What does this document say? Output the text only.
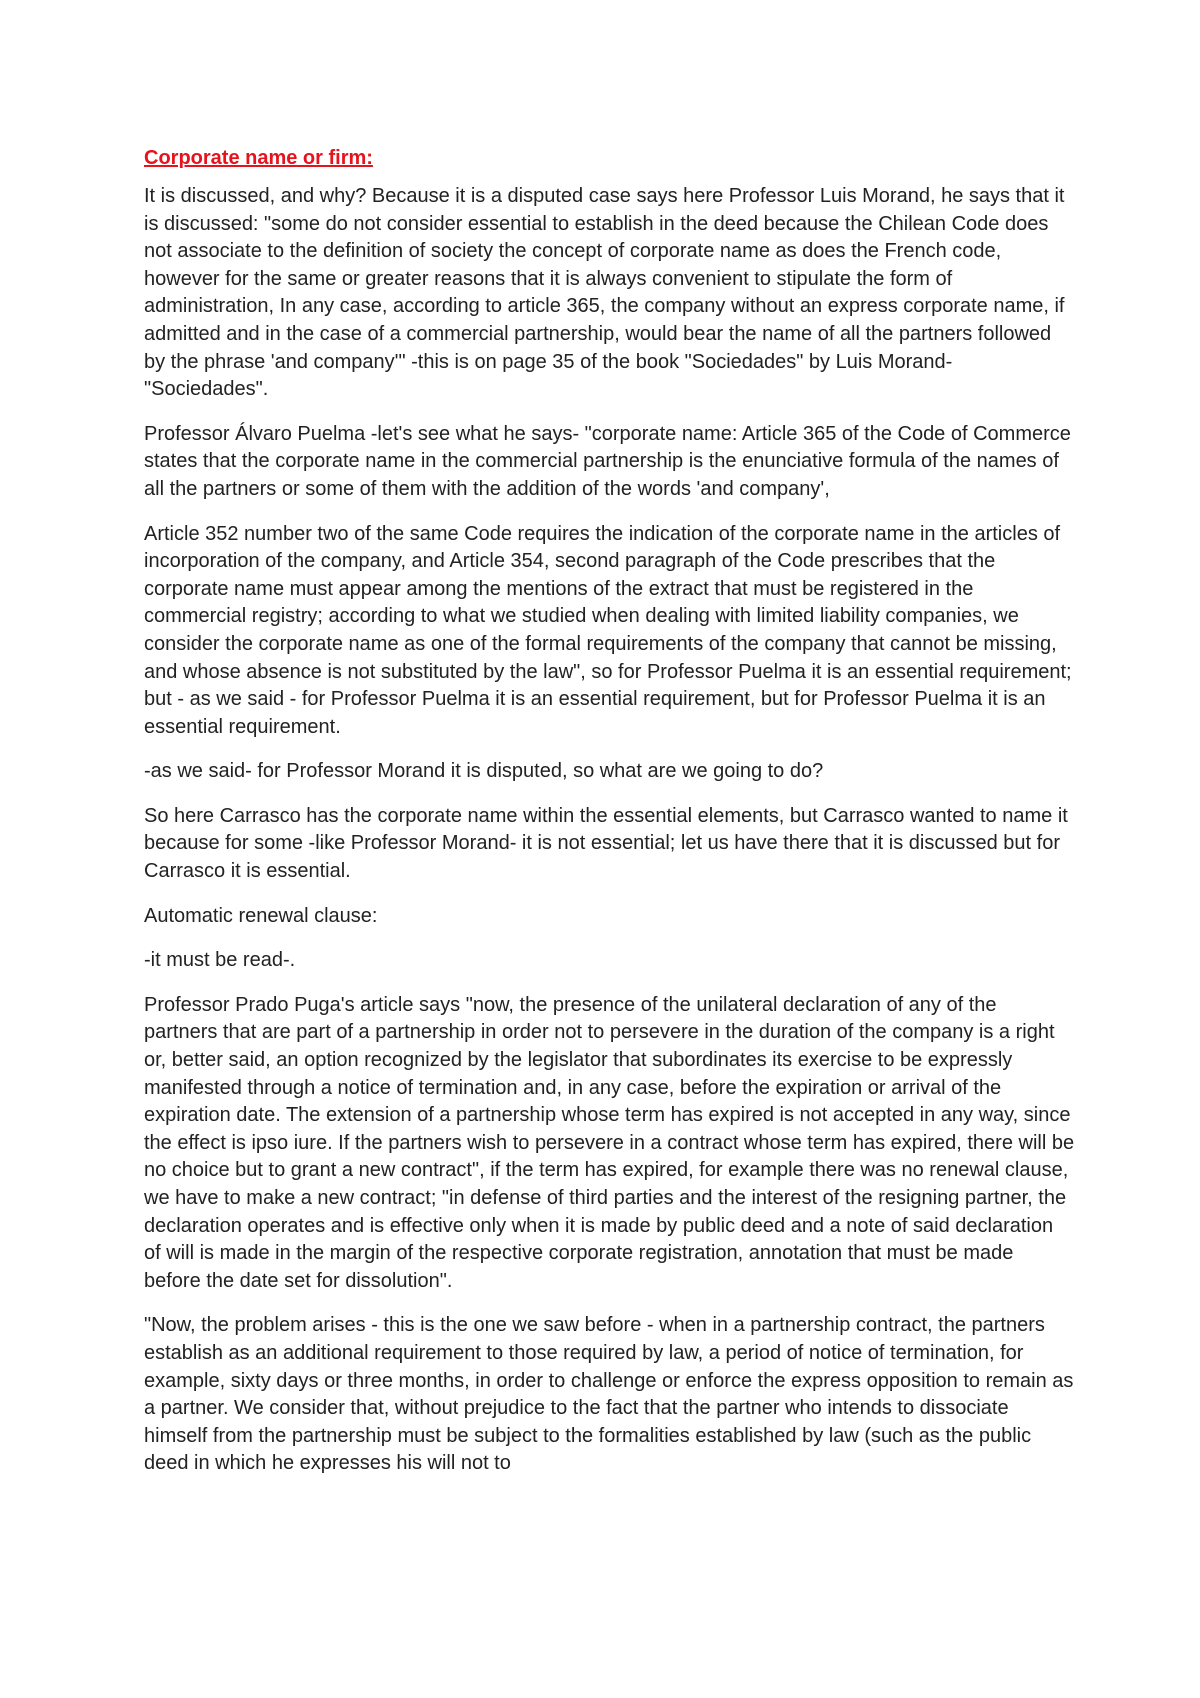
Corporate name or firm:

It is discussed, and why? Because it is a disputed case says here Professor Luis Morand, he says that it is discussed: "some do not consider essential to establish in the deed because the Chilean Code does not associate to the definition of society the concept of corporate name as does the French code, however for the same or greater reasons that it is always convenient to stipulate the form of administration, In any case, according to article 365, the company without an express corporate name, if admitted and in the case of a commercial partnership, would bear the name of all the partners followed by the phrase 'and company'" -this is on page 35 of the book "Sociedades" by Luis Morand- "Sociedades".

Professor Álvaro Puelma -let's see what he says- "corporate name: Article 365 of the Code of Commerce states that the corporate name in the commercial partnership is the enunciative formula of the names of all the partners or some of them with the addition of the words 'and company',

Article 352 number two of the same Code requires the indication of the corporate name in the articles of incorporation of the company, and Article 354, second paragraph of the Code prescribes that the corporate name must appear among the mentions of the extract that must be registered in the commercial registry; according to what we studied when dealing with limited liability companies, we consider the corporate name as one of the formal requirements of the company that cannot be missing, and whose absence is not substituted by the law", so for Professor Puelma it is an essential requirement; but - as we said - for Professor Puelma it is an essential requirement, but for Professor Puelma it is an essential requirement.

-as we said- for Professor Morand it is disputed, so what are we going to do?

So here Carrasco has the corporate name within the essential elements, but Carrasco wanted to name it because for some -like Professor Morand- it is not essential; let us have there that it is discussed but for Carrasco it is essential.

Automatic renewal clause:

-it must be read-.

Professor Prado Puga's article says "now, the presence of the unilateral declaration of any of the partners that are part of a partnership in order not to persevere in the duration of the company is a right or, better said, an option recognized by the legislator that subordinates its exercise to be expressly manifested through a notice of termination and, in any case, before the expiration or arrival of the expiration date. The extension of a partnership whose term has expired is not accepted in any way, since the effect is ipso iure. If the partners wish to persevere in a contract whose term has expired, there will be no choice but to grant a new contract", if the term has expired, for example there was no renewal clause, we have to make a new contract; "in defense of third parties and the interest of the resigning partner, the declaration operates and is effective only when it is made by public deed and a note of said declaration of will is made in the margin of the respective corporate registration, annotation that must be made before the date set for dissolution".

"Now, the problem arises - this is the one we saw before - when in a partnership contract, the partners establish as an additional requirement to those required by law, a period of notice of termination, for example, sixty days or three months, in order to challenge or enforce the express opposition to remain as a partner. We consider that, without prejudice to the fact that the partner who intends to dissociate himself from the partnership must be subject to the formalities established by law (such as the public deed in which he expresses his will not to
